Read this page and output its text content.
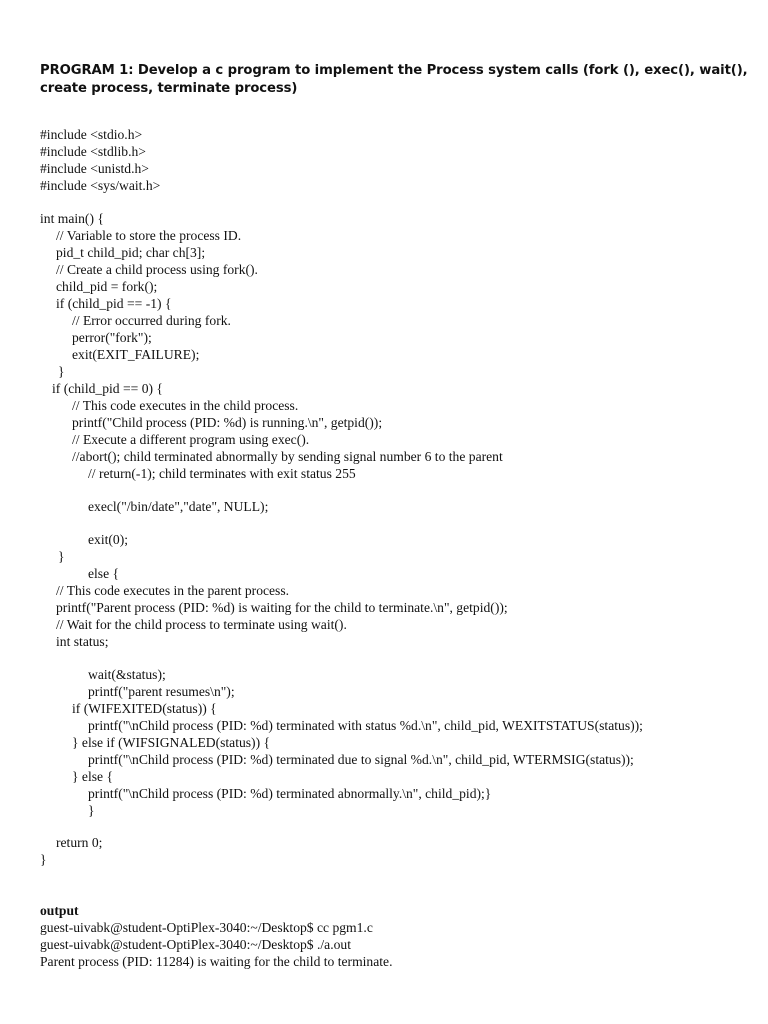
PROGRAM 1: Develop a c program to implement the Process system calls (fork (), exec(), wait(),
create process, terminate process)
#include <stdio.h>
#include <stdlib.h>
#include <unistd.h>
#include <sys/wait.h>
int main() {
// Variable to store the process ID.
pid_t child_pid; char ch[3];
// Create a child process using fork().
child_pid = fork();
if (child_pid == -1) {
// Error occurred during fork.
perror("fork");
exit(EXIT_FAILURE);
}
if (child_pid == 0) {
// This code executes in the child process.
printf("Child process (PID: %d) is running.\n", getpid());
// Execute a different program using exec().
//abort(); child terminated abnormally by sending signal number 6 to the parent
// return(-1); child terminates with exit status 255
execl("/bin/date","date", NULL);
exit(0);
}
else {
// This code executes in the parent process.
printf("Parent process (PID: %d) is waiting for the child to terminate.\n", getpid());
// Wait for the child process to terminate using wait().
int status;
wait(&status);
printf("parent resumes\n");
if (WIFEXITED(status)) {
printf("\nChild process (PID: %d) terminated with status %d.\n", child_pid, WEXITSTATUS(status));
} else if (WIFSIGNALED(status)) {
printf("\nChild process (PID: %d) terminated due to signal %d.\n", child_pid, WTERMSIG(status));
} else {
printf("\nChild process (PID: %d) terminated abnormally.\n", child_pid);}
}
return 0;
}
output
guest-uivabk@student-OptiPlex-3040:~/Desktop$ cc pgm1.c
guest-uivabk@student-OptiPlex-3040:~/Desktop$ ./a.out
Parent process (PID: 11284) is waiting for the child to terminate.
